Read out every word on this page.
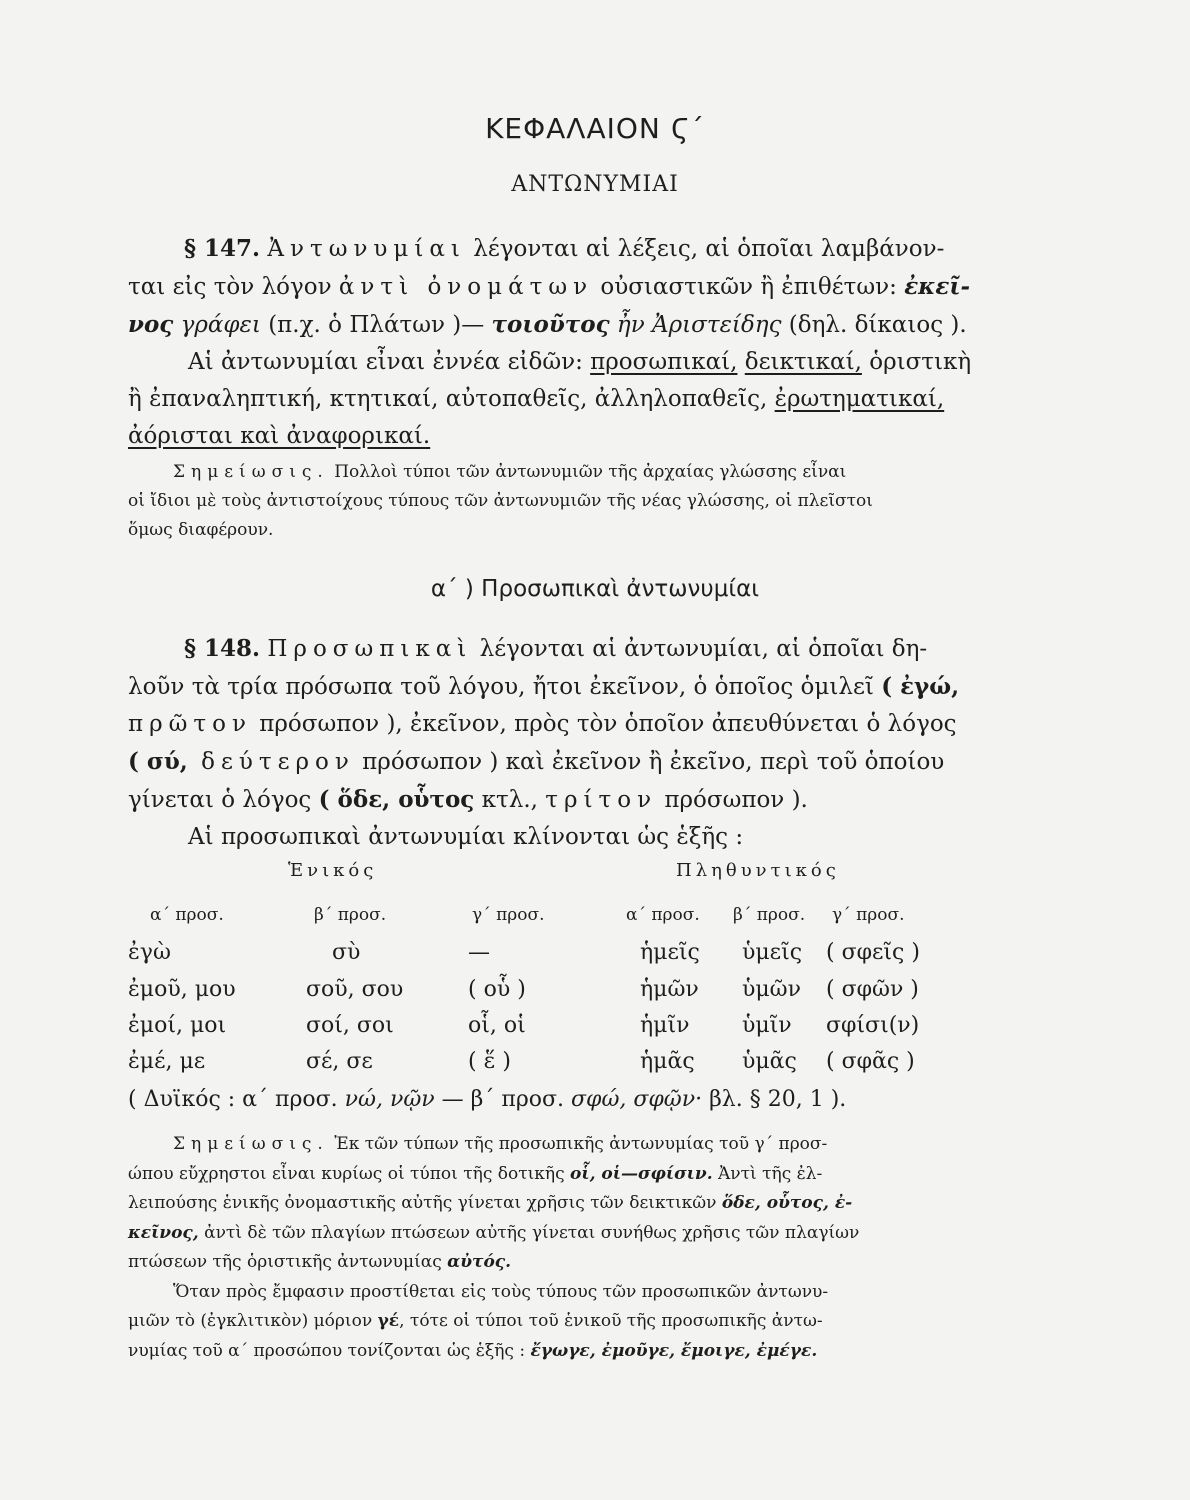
ΚΕΦΑΛΑΙΟΝ Ϛ΄
ΑΝΤΩΝΥΜΙΑΙ
§ 147. Ἀντωνυμίαι λέγονται αἱ λέξεις, αἱ ὁποῖαι λαμβάνον-
ται εἰς τὸν λόγον ἀντὶ ὀνομάτων οὐσιαστικῶν ἢ ἐπιθέτων: ἐκεῖ-
νος γράφει (π.χ. ὁ Πλάτων )— τοιοῦτος ἦν Ἀριστείδης (δηλ. δίκαιος ).
Αἱ ἀντωνυμίαι εἶναι ἐννέα εἰδῶν: προσωπικαί, δεικτικαί, ὁριστικὴ
ἢ ἐπαναληπτική, κτητικαί, αὐτοπαθεῖς, ἀλληλοπαθεῖς, ἐρωτηματικαί,
ἀόρισται καὶ ἀναφορικαί.
Σημείωσις. Πολλοὶ τύποι τῶν ἀντωνυμιῶν τῆς ἀρχαίας γλώσσης εἶναι
οἱ ἴδιοι μὲ τοὺς ἀντιστοίχους τύπους τῶν ἀντωνυμιῶν τῆς νέας γλώσσης, οἱ πλεῖστοι
ὅμως διαφέρουν.
α΄ ) Προσωπικαὶ ἀντωνυμίαι
§ 148. Προσωπικαὶ λέγονται αἱ ἀντωνυμίαι, αἱ ὁποῖαι δη-
λοῦν τὰ τρία πρόσωπα τοῦ λόγου, ἤτοι ἐκεῖνον, ὁ ὁποῖος ὁμιλεῖ ( ἐγώ,
πρῶτον πρόσωπον ), ἐκεῖνον, πρὸς τὸν ὁποῖον ἀπευθύνεται ὁ λόγος
( σύ, δεύτερον πρόσωπον ) καὶ ἐκεῖνον ἢ ἐκεῖνο, περὶ τοῦ ὁποίου
γίνεται ὁ λόγος ( ὅδε, οὗτος κτλ., τρίτον πρόσωπον ).
Αἱ προσωπικαὶ ἀντωνυμίαι κλίνονται ὡς ἑξῆς :
Ἑνικός	Πληθυντικός
α΄ προσ.	β΄ προσ.	γ΄ προσ.	α΄ προσ. β΄ προσ. γ΄ προσ.
ἐγὼ	σὺ	—	ἡμεῖς ὑμεῖς ( σφεῖς )
ἐμοῦ, μου	σοῦ, σου	( οὗ )	ἡμῶν ὑμῶν ( σφῶν )
ἐμοί, μοι	σοί, σοι	οἷ, οἱ	ἡμῖν ὑμῖν σφίσι(ν)
ἐμέ, με	σέ, σε	( ἕ )	ἡμᾶς ὑμᾶς ( σφᾶς )
( Δυϊκός : α΄ προσ. νώ, νῷν — β΄ προσ. σφώ, σφῷν· βλ. § 20, 1 ).
Σημείωσις. Ἐκ τῶν τύπων τῆς προσωπικῆς ἀντωνυμίας τοῦ γ΄ προσ-
ώπου εὔχρηστοι εἶναι κυρίως οἱ τύποι τῆς δοτικῆς οἷ, οἱ—σφίσιν. Ἀντὶ τῆς ἐλ-
λειπούσης ἑνικῆς ὀνομαστικῆς αὐτῆς γίνεται χρῆσις τῶν δεικτικῶν ὅδε, οὗτος, ἐ-
κεῖνος, ἀντὶ δὲ τῶν πλαγίων πτώσεων αὐτῆς γίνεται συνήθως χρῆσις τῶν πλαγίων
πτώσεων τῆς ὁριστικῆς ἀντωνυμίας αὐτός.
Ὅταν πρὸς ἔμφασιν προστίθεται εἰς τοὺς τύπους τῶν προσωπικῶν ἀντωνυ-
μιῶν τὸ (ἐγκλιτικὸν) μόριον γέ, τότε οἱ τύποι τοῦ ἑνικοῦ τῆς προσωπικῆς ἀντω-
νυμίας τοῦ α΄ προσώπου τονίζονται ὡς ἑξῆς : ἔγωγε, ἐμοῦγε, ἔμοιγε, ἐμέγε.
